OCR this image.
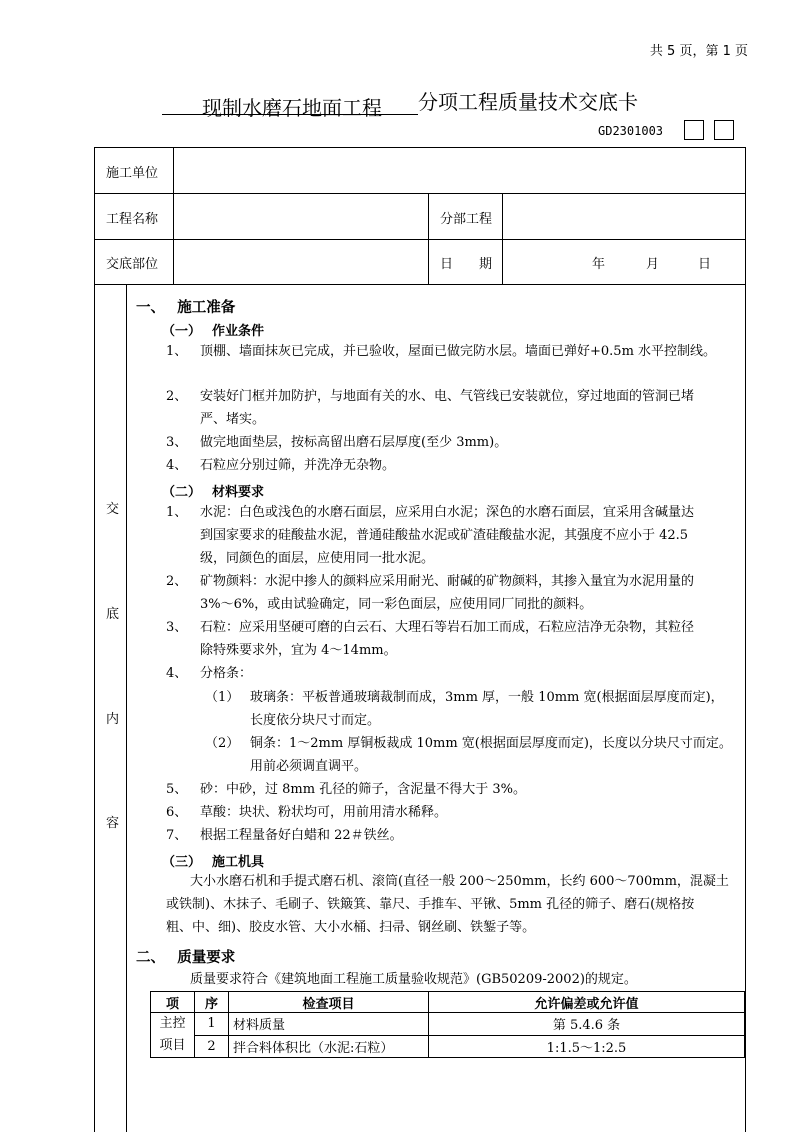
共 5 页，第 1 页
现制水磨石地面工程 分项工程质量技术交底卡
GD2301003
施工单位
工程名称	分部工程
交底部位	日　　期	年	月	日
交
底
内
容
一、　 施工准备
（一）　 作业条件
1、 顶棚、墙面抹灰已完成，并已验收，屋面已做完防水层。墙面已弹好+0.5m 水平控制线。
2、 安装好门框并加防护，与地面有关的水、电、气管线已安装就位，穿过地面的管洞已堵
严、堵实。
3、 做完地面垫层，按标高留出磨石层厚度(至少 3mm)。
4、 石粒应分别过筛，并洗净无杂物。
（二）　 材料要求
1、 水泥：白色或浅色的水磨石面层，应采用白水泥；深色的水磨石面层，宜采用含碱量达
到国家要求的硅酸盐水泥，普通硅酸盐水泥或矿渣硅酸盐水泥，其强度不应小于 42.5
级，同颜色的面层，应使用同一批水泥。
2、 矿物颜料：水泥中掺人的颜料应采用耐光、耐碱的矿物颜料，其掺入量宜为水泥用量的
3%～6%，或由试验确定，同一彩色面层，应使用同厂同批的颜料。
3、 石粒：应采用坚硬可磨的白云石、大理石等岩石加工而成，石粒应洁净无杂物，其粒径
除特殊要求外，宜为 4～14mm。
4、 分格条：
（1） 玻璃条：平板普通玻璃裁制而成，3mm 厚，一般 10mm 宽(根据面层厚度而定)，
长度依分块尺寸而定。
（2） 铜条：1～2mm 厚铜板裁成 10mm 宽(根据面层厚度而定)，长度以分块尺寸而定。
用前必须调直调平。
5、 砂：中砂，过 8mm 孔径的筛子，含泥量不得大于 3%。
6、 草酸：块状、粉状均可，用前用清水稀释。
7、 根据工程量备好白蜡和 22＃铁丝。
（三）　 施工机具
大小水磨石机和手提式磨石机、滚筒(直径一般 200～250mm，长约 600～700mm，混凝土
或铁制)、木抹子、毛刷子、铁簸箕、靠尺、手推车、平锹、5mm 孔径的筛子、磨石(规格按
粗、中、细)、胶皮水管、大小水桶、扫帚、钢丝刷、铁錾子等。
二、　 质量要求
质量要求符合《建筑地面工程施工质量验收规范》(GB50209-2002)的规定。
项	序	检查项目	允许偏差或允许值

主控
项目	1	材料质量	第 5.4.6 条
	2	拌合料体积比（水泥:石粒）	1:1.5～1:2.5
